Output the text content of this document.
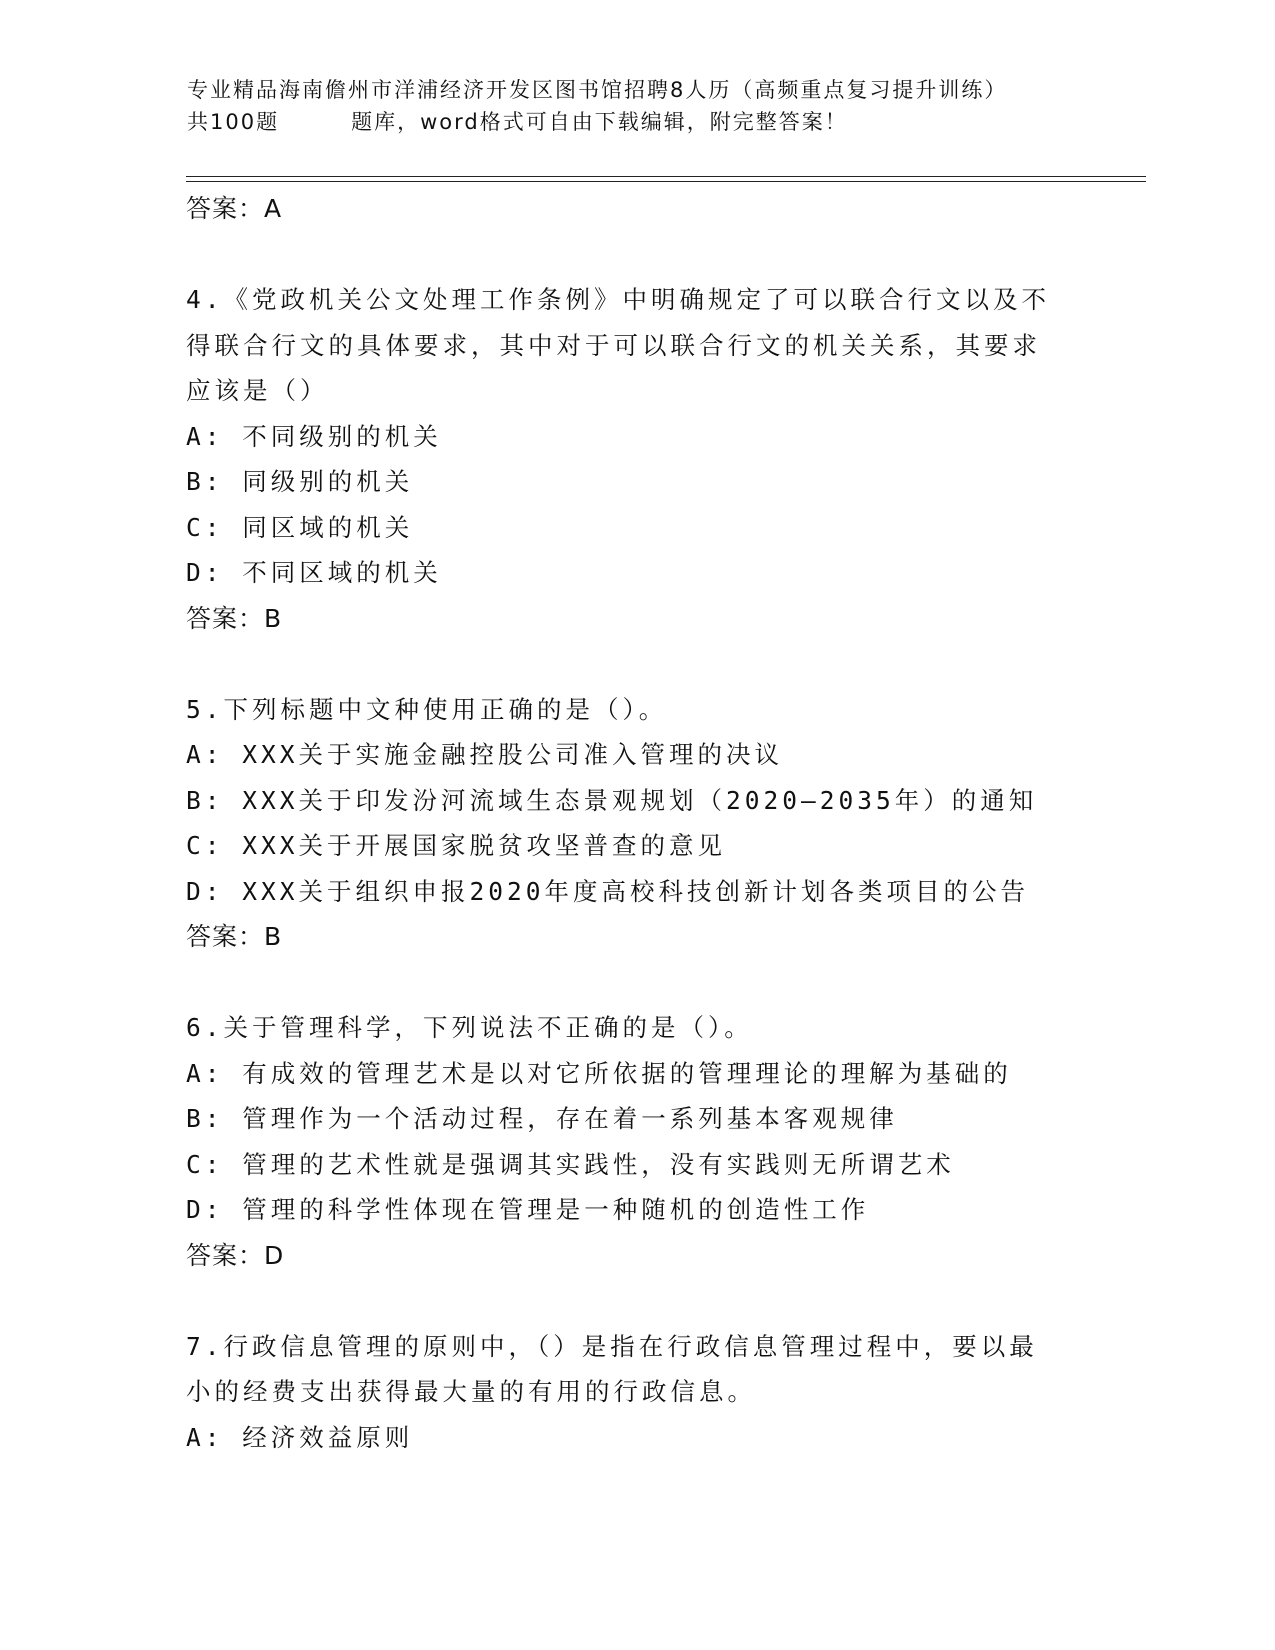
专业精品海南儋州市洋浦经济开发区图书馆招聘8人历（高频重点复习提升训练）
共100题	题库，word格式可自由下载编辑，附完整答案！
答案：A
4.《党政机关公文处理工作条例》中明确规定了可以联合行文以及不
得联合行文的具体要求，其中对于可以联合行文的机关关系，其要求
应该是（）
A: 不同级别的机关
B: 同级别的机关
C: 同区域的机关
D: 不同区域的机关
答案：B
5.下列标题中文种使用正确的是（）。
A: XXX关于实施金融控股公司准入管理的决议
B: XXX关于印发汾河流域生态景观规划（2020—2035年）的通知
C: XXX关于开展国家脱贫攻坚普查的意见
D: XXX关于组织申报2020年度高校科技创新计划各类项目的公告
答案：B
6.关于管理科学，下列说法不正确的是（）。
A: 有成效的管理艺术是以对它所依据的管理理论的理解为基础的
B: 管理作为一个活动过程，存在着一系列基本客观规律
C: 管理的艺术性就是强调其实践性，没有实践则无所谓艺术
D: 管理的科学性体现在管理是一种随机的创造性工作
答案：D
7.行政信息管理的原则中，（）是指在行政信息管理过程中，要以最
小的经费支出获得最大量的有用的行政信息。
A: 经济效益原则
